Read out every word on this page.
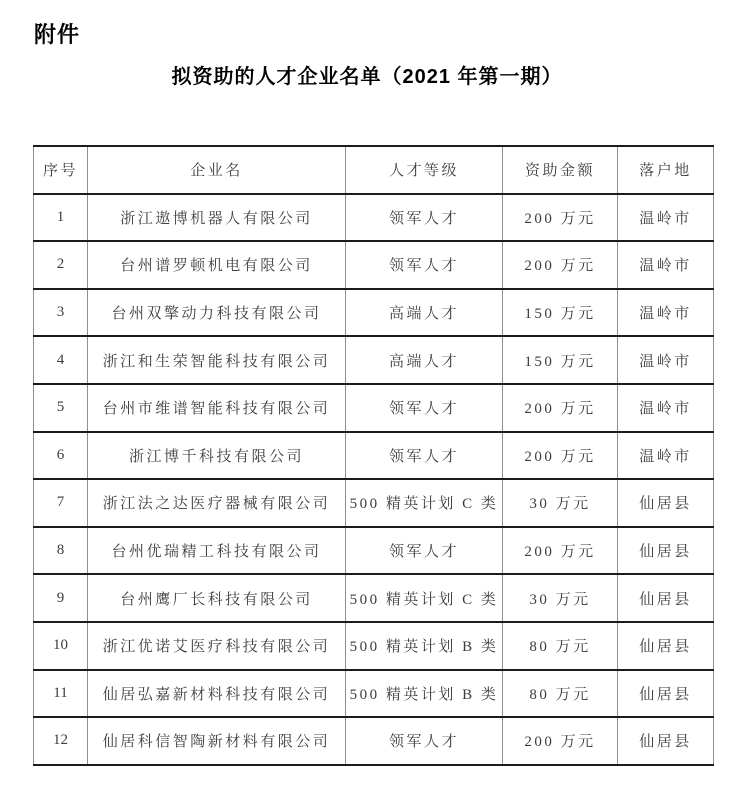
附件
拟资助的人才企业名单（2021 年第一期）
序号	企业名	人才等级	资助金额	落户地
1	浙江遨博机器人有限公司	领军人才	200 万元	温岭市
2	台州谱罗顿机电有限公司	领军人才	200 万元	温岭市
3	台州双擎动力科技有限公司	高端人才	150 万元	温岭市
4	浙江和生荣智能科技有限公司	高端人才	150 万元	温岭市
5	台州市维谱智能科技有限公司	领军人才	200 万元	温岭市
6	浙江博千科技有限公司	领军人才	200 万元	温岭市
7	浙江法之达医疗器械有限公司	500 精英计划 C 类	30 万元	仙居县
8	台州优瑞精工科技有限公司	领军人才	200 万元	仙居县
9	台州鹰厂长科技有限公司	500 精英计划 C 类	30 万元	仙居县
10	浙江优诺艾医疗科技有限公司	500 精英计划 B 类	80 万元	仙居县
11	仙居弘嘉新材料科技有限公司	500 精英计划 B 类	80 万元	仙居县
12	仙居科信智陶新材料有限公司	领军人才	200 万元	仙居县
